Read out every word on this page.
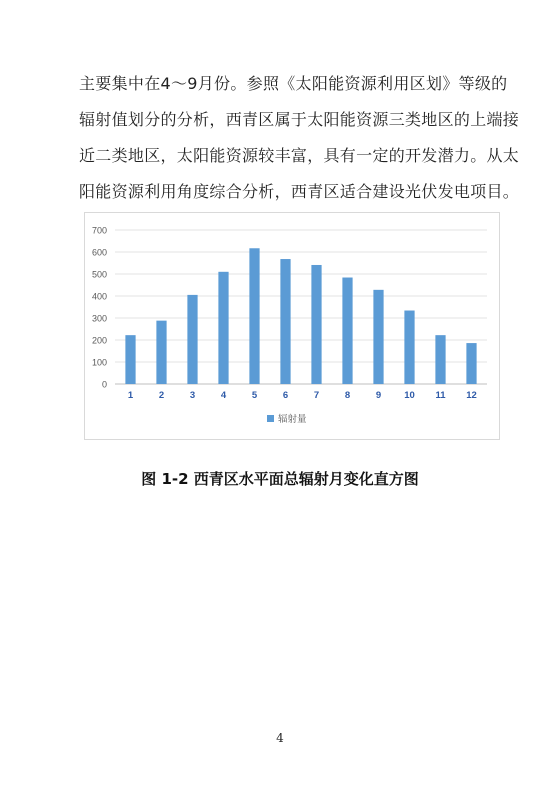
主要集中在4～9月份。参照《太阳能资源利用区划》等级的
辐射值划分的分析，西青区属于太阳能资源三类地区的上端接
近二类地区，太阳能资源较丰富，具有一定的开发潜力。从太
阳能资源利用角度综合分析，西青区适合建设光伏发电项目。
0
100
200
300
400
500
600
700
1	2	3	4	5	6	7	8	9 10 11 12
辐射量
图 1-2 西青区水平面总辐射月变化直方图
4
